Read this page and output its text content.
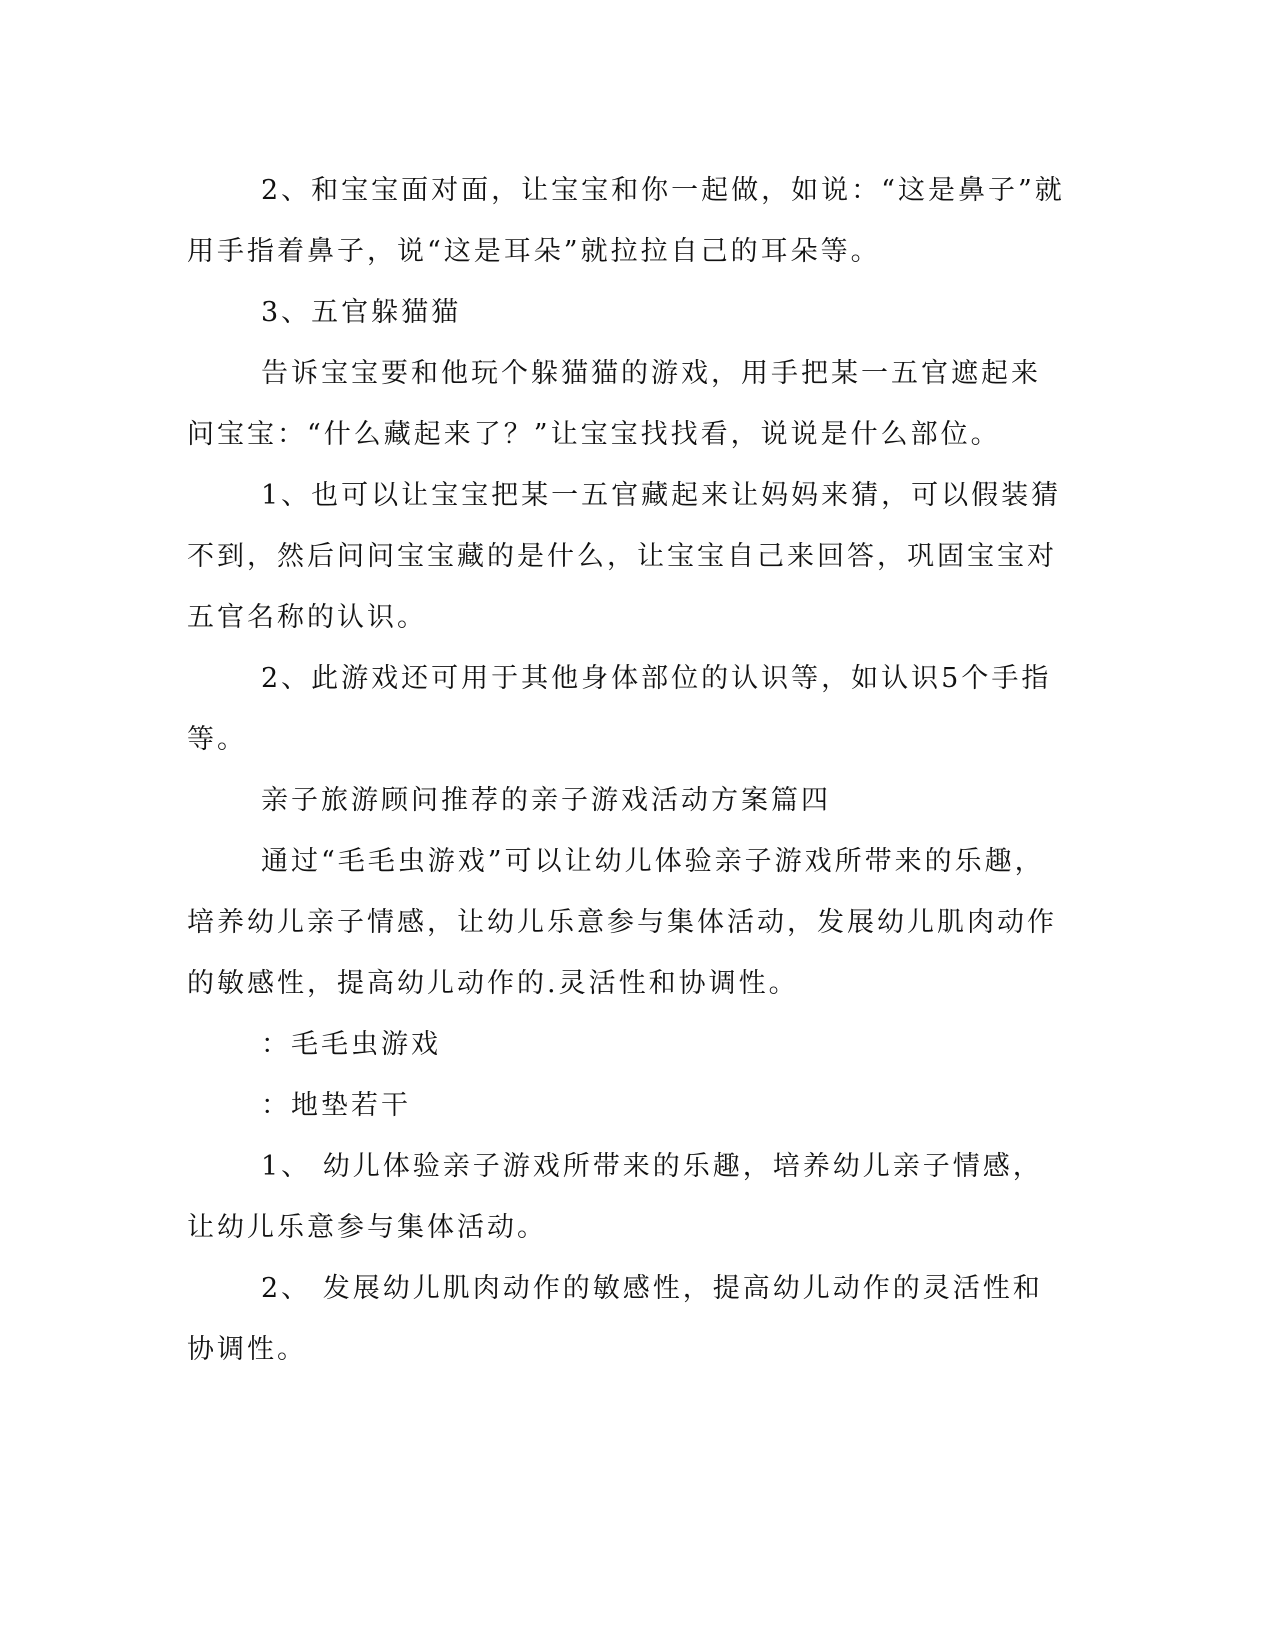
2、和宝宝面对面，让宝宝和你一起做，如说：“这是鼻子”就用手指着鼻子，说“这是耳朵”就拉拉自己的耳朵等。

3、五官躲猫猫

告诉宝宝要和他玩个躲猫猫的游戏，用手把某一五官遮起来问宝宝：“什么藏起来了？”让宝宝找找看，说说是什么部位。

1、也可以让宝宝把某一五官藏起来让妈妈来猜，可以假装猜不到，然后问问宝宝藏的是什么，让宝宝自己来回答，巩固宝宝对五官名称的认识。

2、此游戏还可用于其他身体部位的认识等，如认识5个手指等。

亲子旅游顾问推荐的亲子游戏活动方案篇四

通过“毛毛虫游戏”可以让幼儿体验亲子游戏所带来的乐趣，培养幼儿亲子情感，让幼儿乐意参与集体活动，发展幼儿肌肉动作的敏感性，提高幼儿动作的.灵活性和协调性。

：毛毛虫游戏

：地垫若干

1、 幼儿体验亲子游戏所带来的乐趣，培养幼儿亲子情感，让幼儿乐意参与集体活动。

2、 发展幼儿肌肉动作的敏感性，提高幼儿动作的灵活性和协调性。
